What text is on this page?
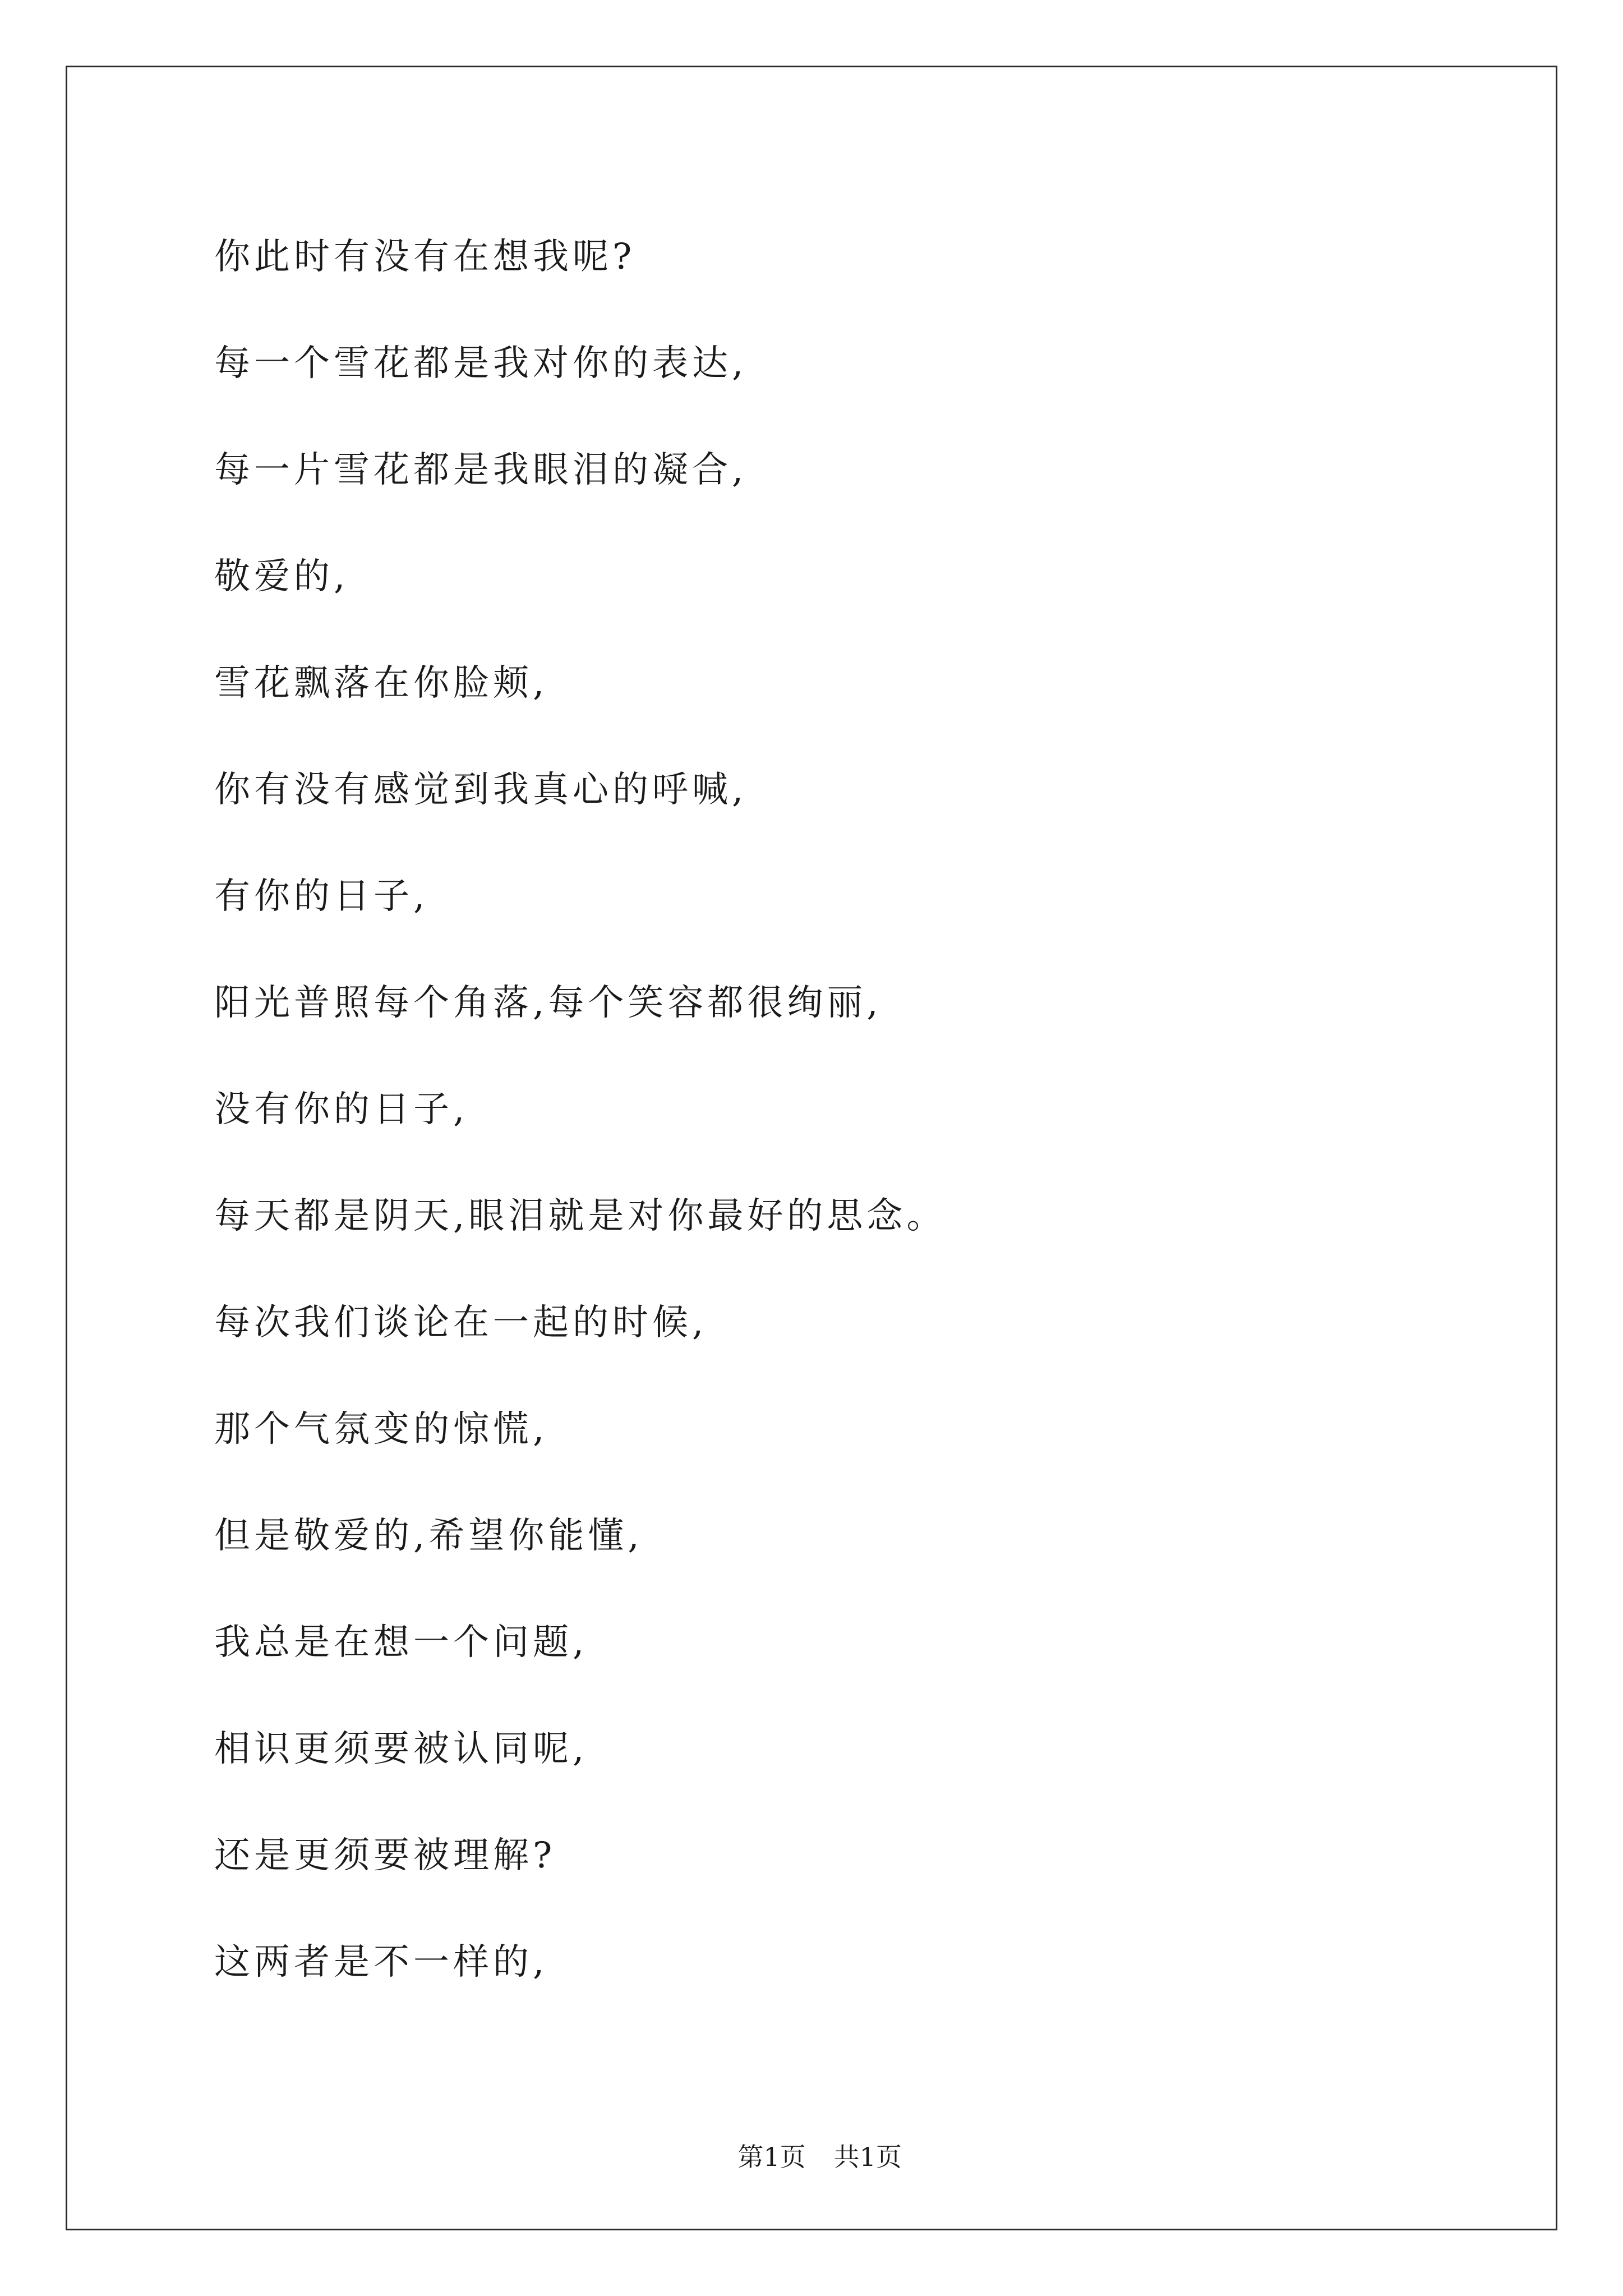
你此时有没有在想我呢?
每一个雪花都是我对你的表达,
每一片雪花都是我眼泪的凝合,
敬爱的,
雪花飘落在你脸颊,
你有没有感觉到我真心的呼喊,
有你的日子,
阳光普照每个角落,每个笑容都很绚丽,
没有你的日子,
每天都是阴天,眼泪就是对你最好的思念。
每次我们谈论在一起的时候,
那个气氛变的惊慌,
但是敬爱的,希望你能懂,
我总是在想一个问题,
相识更须要被认同呢,
还是更须要被理解?
这两者是不一样的,

第1页 共1页
